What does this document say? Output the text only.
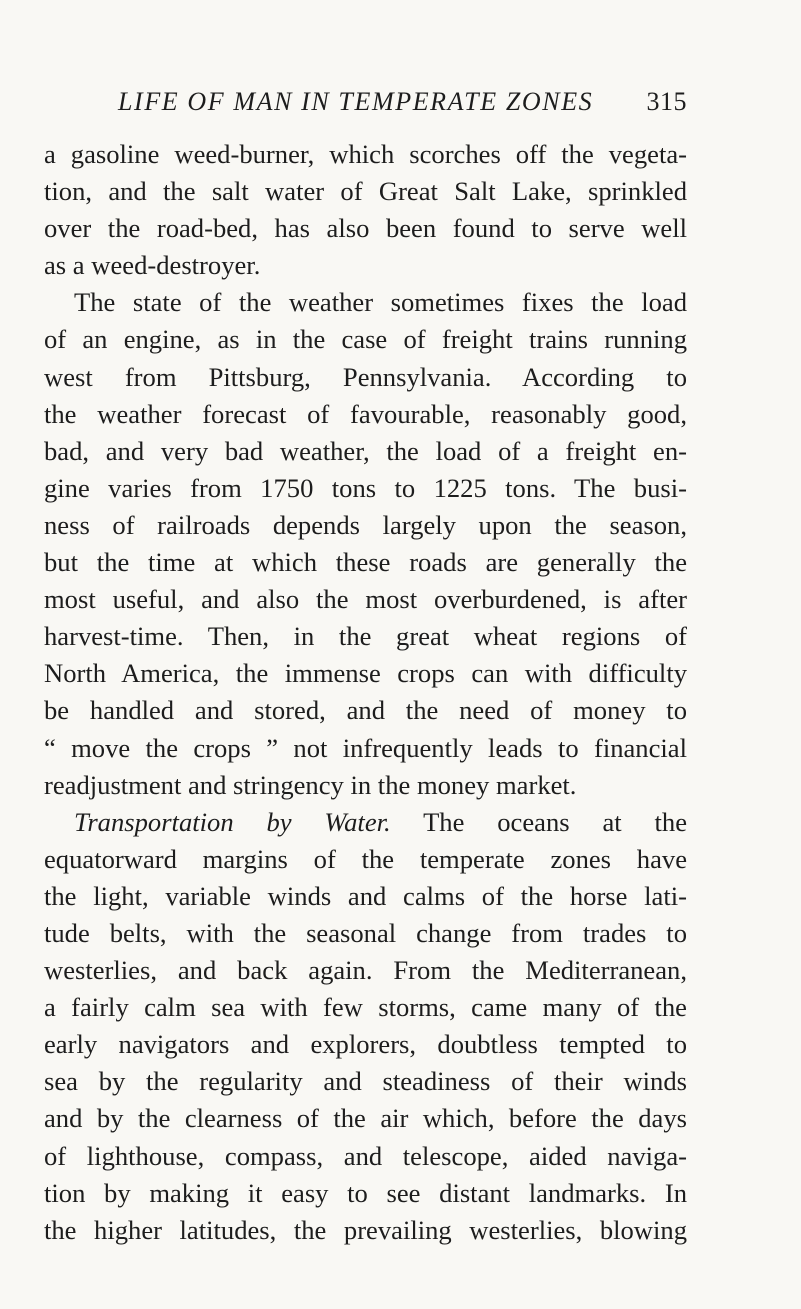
LIFE OF MAN IN TEMPERATE ZONES 315
a gasoline weed-burner, which scorches off the vegeta-
tion, and the salt water of Great Salt Lake, sprinkled
over the road-bed, has also been found to serve well
as a weed-destroyer.
The state of the weather sometimes fixes the load
of an engine, as in the case of freight trains running
west from Pittsburg, Pennsylvania. According to
the weather forecast of favourable, reasonably good,
bad, and very bad weather, the load of a freight en-
gine varies from 1750 tons to 1225 tons. The busi-
ness of railroads depends largely upon the season,
but the time at which these roads are generally the
most useful, and also the most overburdened, is after
harvest-time. Then, in the great wheat regions of
North America, the immense crops can with difficulty
be handled and stored, and the need of money to
“ move the crops ” not infrequently leads to financial
readjustment and stringency in the money market.
Transportation by Water. The oceans at the
equatorward margins of the temperate zones have
the light, variable winds and calms of the horse lati-
tude belts, with the seasonal change from trades to
westerlies, and back again. From the Mediterranean,
a fairly calm sea with few storms, came many of the
early navigators and explorers, doubtless tempted to
sea by the regularity and steadiness of their winds
and by the clearness of the air which, before the days
of lighthouse, compass, and telescope, aided naviga-
tion by making it easy to see distant landmarks. In
the higher latitudes, the prevailing westerlies, blowing
